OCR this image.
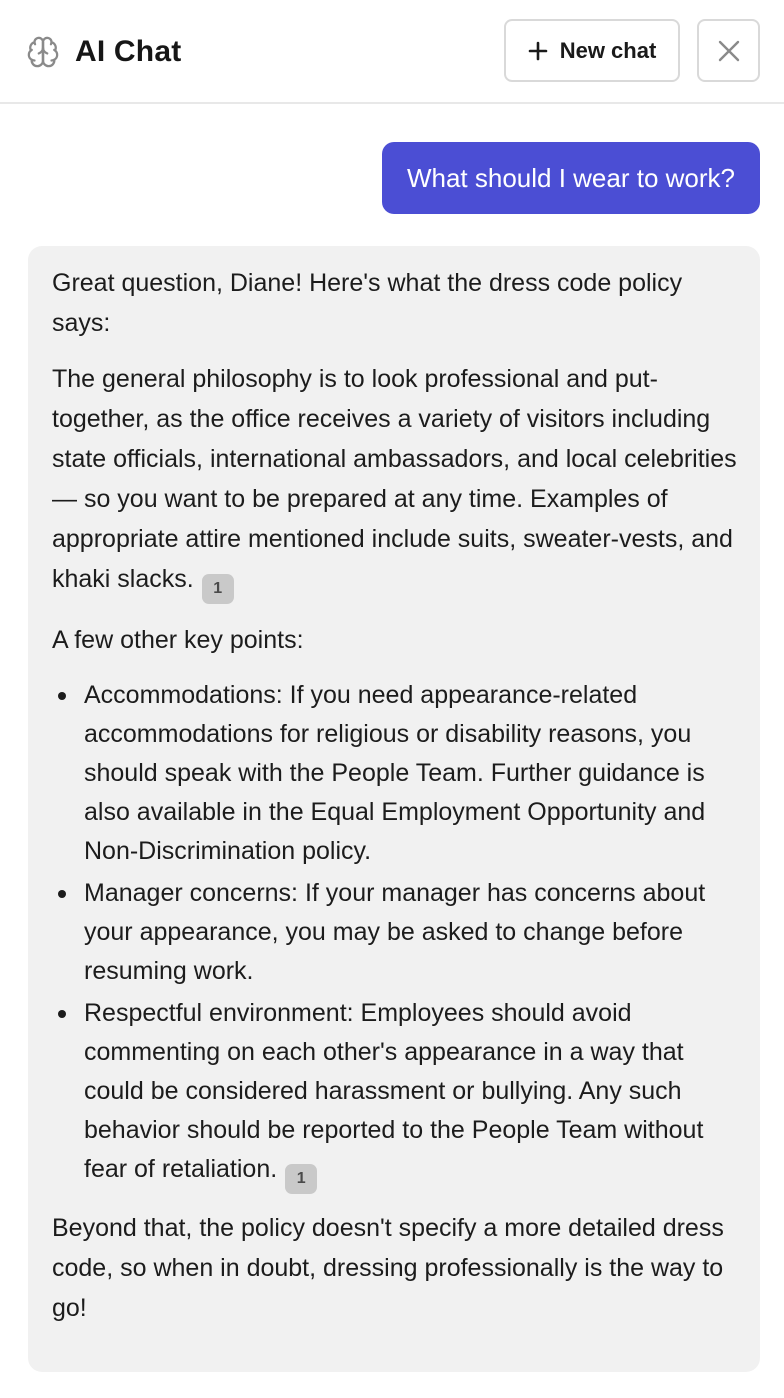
AI Chat	New chat
What should I wear to work?

Great question, Diane! Here's what the dress code policy says:

The general philosophy is to look professional and put-together, as the office receives a variety of visitors including state officials, international ambassadors, and local celebrities — so you want to be prepared at any time. Examples of appropriate attire mentioned include suits, sweater-vests, and khaki slacks. 1

A few other key points:

Accommodations: If you need appearance-related accommodations for religious or disability reasons, you should speak with the People Team. Further guidance is also available in the Equal Employment Opportunity and Non-Discrimination policy.
Manager concerns: If your manager has concerns about your appearance, you may be asked to change before resuming work.
Respectful environment: Employees should avoid commenting on each other's appearance in a way that could be considered harassment or bullying. Any such behavior should be reported to the People Team without fear of retaliation. 1

Beyond that, the policy doesn't specify a more detailed dress code, so when in doubt, dressing professionally is the way to go!
